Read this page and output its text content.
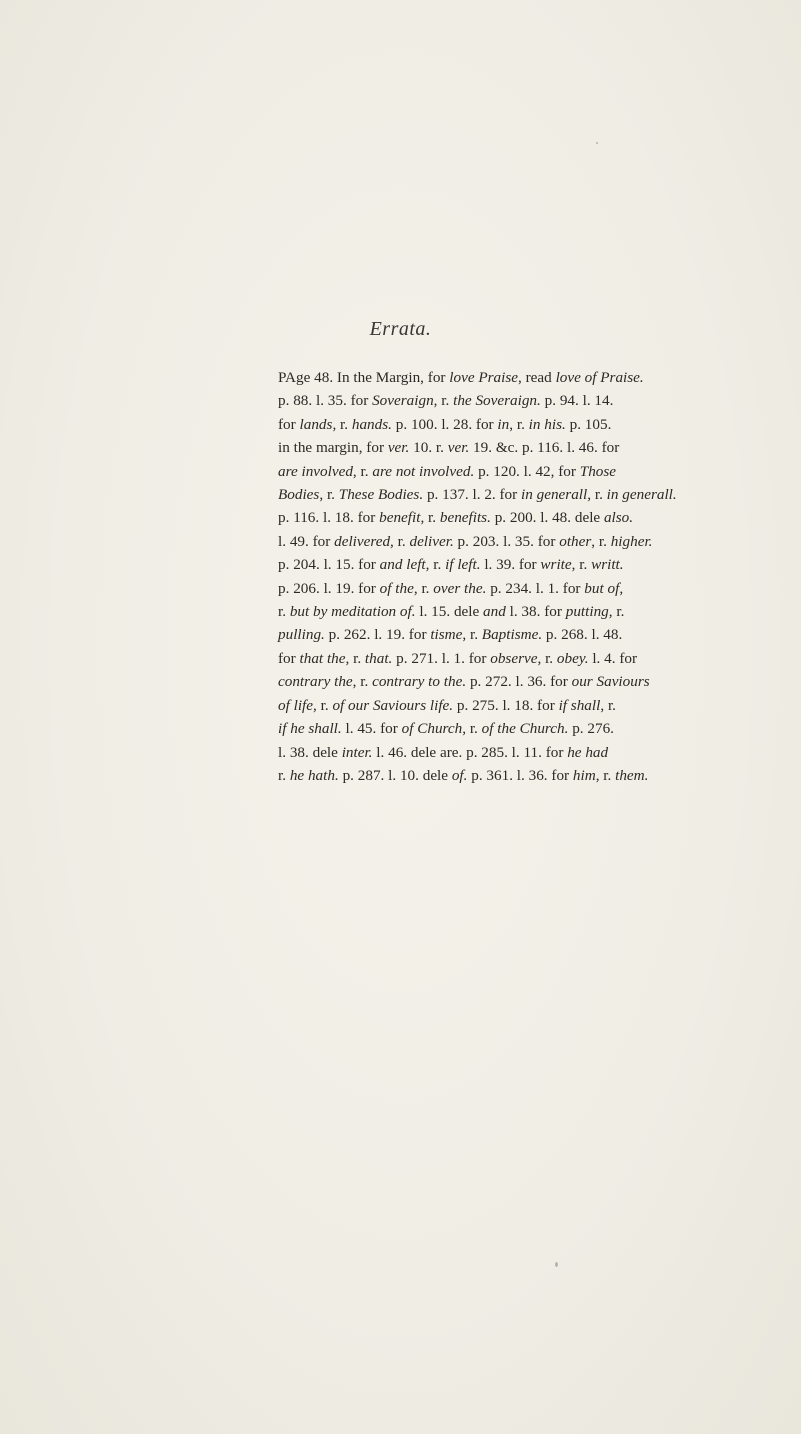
Errata.
PAge 48. In the Margin, for love Praise, read love of Praise.
p. 88. l. 35. for Soveraign, r. the Soveraign. p. 94. l. 14.
for lands, r. hands. p. 100. l. 28. for in, r. in his. p. 105.
in the margin, for ver. 10. r. ver. 19. &c. p. 116. l. 46. for
are involved, r. are not involved. p. 120. l. 42, for Those
Bodies, r. These Bodies. p. 137. l. 2. for in generall, r. in generall.
p. 116. l. 18. for benefit, r. benefits. p. 200. l. 48. dele also.
l. 49. for delivered, r. deliver. p. 203. l. 35. for other, r. higher.
p. 204. l. 15. for and left, r. if left. l. 39. for write, r. writt.
p. 206. l. 19. for of the, r. over the. p. 234. l. 1. for but of,
r. but by meditation of. l. 15. dele and l. 38. for putting, r.
pulling. p. 262. l. 19. for tisme, r. Baptisme. p. 268. l. 48.
for that the, r. that. p. 271. l. 1. for observe, r. obey. l. 4. for
contrary the, r. contrary to the. p. 272. l. 36. for our Saviours
of life, r. of our Saviours life. p. 275. l. 18. for if shall, r.
if he shall. l. 45. for of Church, r. of the Church. p. 276.
l. 38. dele inter. l. 46. dele are. p. 285. l. 11. for he had
r. he hath. p. 287. l. 10. dele of. p. 361. l. 36. for him, r. them.
